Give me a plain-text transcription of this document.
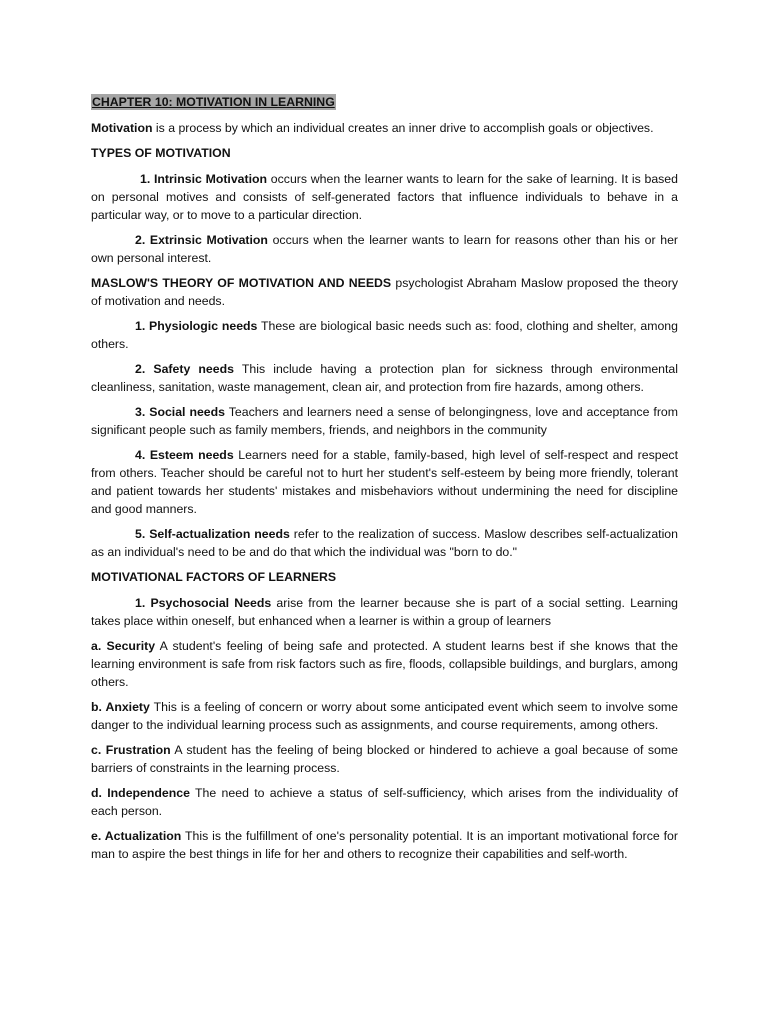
CHAPTER 10: MOTIVATION IN LEARNING

Motivation is a process by which an individual creates an inner drive to accomplish goals or objectives.

TYPES OF MOTIVATION

1. Intrinsic Motivation occurs when the learner wants to learn for the sake of learning. It is based on personal motives and consists of self-generated factors that influence individuals to behave in a particular way, or to move to a particular direction.

2. Extrinsic Motivation occurs when the learner wants to learn for reasons other than his or her own personal interest.

MASLOW'S THEORY OF MOTIVATION AND NEEDS psychologist Abraham Maslow proposed the theory of motivation and needs.

1. Physiologic needs These are biological basic needs such as: food, clothing and shelter, among others.

2. Safety needs This include having a protection plan for sickness through environmental cleanliness, sanitation, waste management, clean air, and protection from fire hazards, among others.

3. Social needs Teachers and learners need a sense of belongingness, love and acceptance from significant people such as family members, friends, and neighbors in the community

4. Esteem needs Learners need for a stable, family-based, high level of self-respect and respect from others. Teacher should be careful not to hurt her student's self-esteem by being more friendly, tolerant and patient towards her students' mistakes and misbehaviors without undermining the need for discipline and good manners.

5. Self-actualization needs refer to the realization of success. Maslow describes self-actualization as an individual's need to be and do that which the individual was "born to do."

MOTIVATIONAL FACTORS OF LEARNERS

1. Psychosocial Needs arise from the learner because she is part of a social setting. Learning takes place within oneself, but enhanced when a learner is within a group of learners

a. Security A student's feeling of being safe and protected. A student learns best if she knows that the learning environment is safe from risk factors such as fire, floods, collapsible buildings, and burglars, among others.

b. Anxiety This is a feeling of concern or worry about some anticipated event which seem to involve some danger to the individual learning process such as assignments, and course requirements, among others.

c. Frustration A student has the feeling of being blocked or hindered to achieve a goal because of some barriers of constraints in the learning process.

d. Independence The need to achieve a status of self-sufficiency, which arises from the individuality of each person.

e. Actualization This is the fulfillment of one's personality potential. It is an important motivational force for man to aspire the best things in life for her and others to recognize their capabilities and self-worth.
